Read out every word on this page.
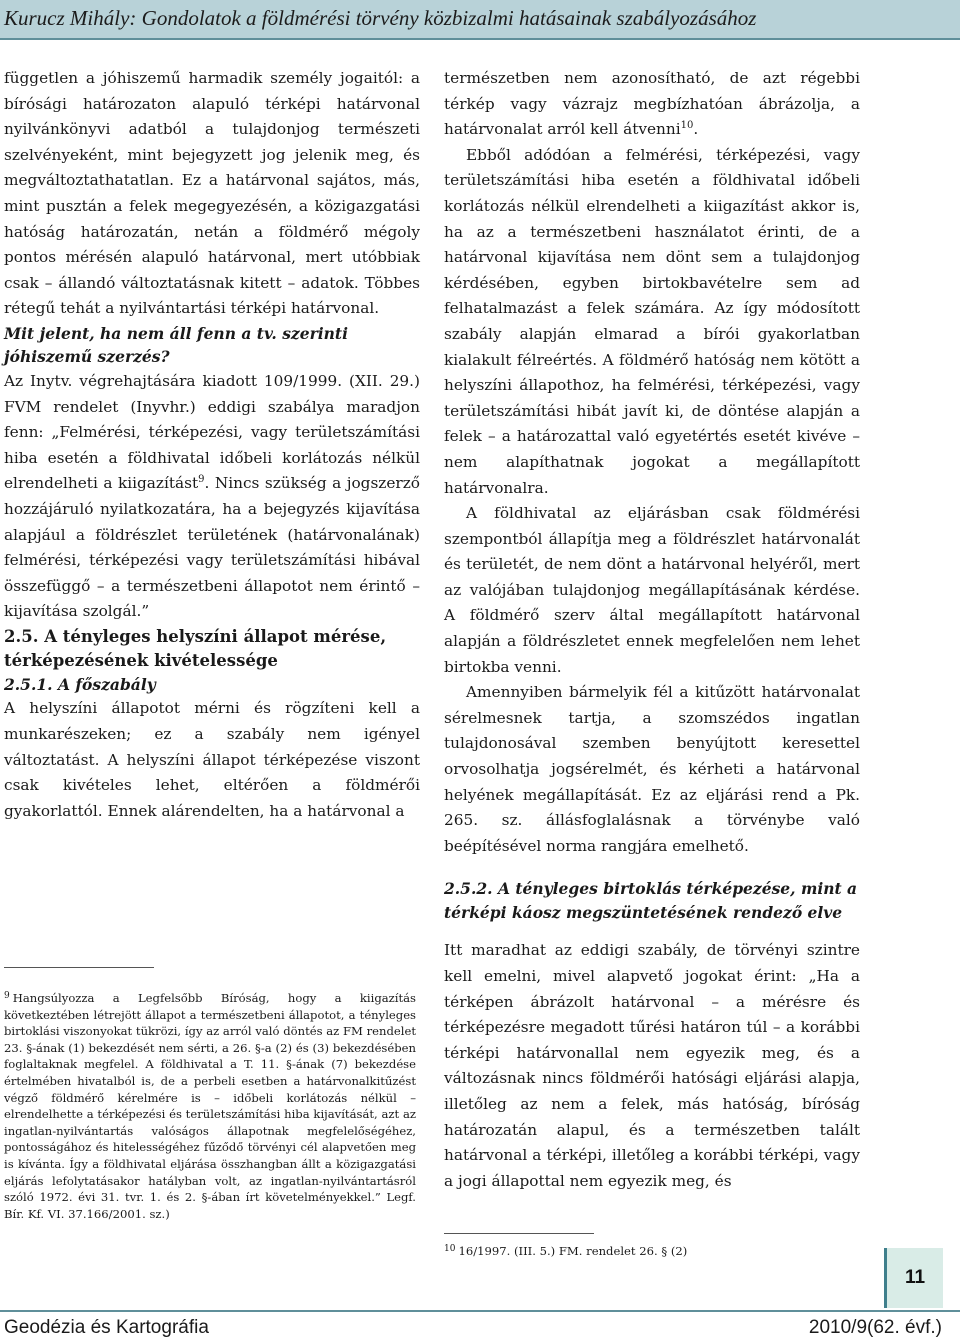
Kurucz Mihály: Gondolatok a földmérési törvény közbizalmi hatásainak szabályozásához

független a jóhiszemű harmadik személy jogaitól: a bírósági határozaton alapuló térképi határvonal nyilvánkönyvi adatból a tulajdonjog természeti szelvényeként, mint bejegyzett jog jelenik meg, és megváltoztathatatlan. Ez a határvonal sajátos, más, mint pusztán a felek megegyezésén, a közigazgatási hatóság határozatán, netán a földmérő mégoly pontos mérésén alapuló határvonal, mert utóbbiak csak – állandó változtatásnak kitett – adatok. Többes rétegű tehát a nyilvántartási térképi határvonal.

Mit jelent, ha nem áll fenn a tv. szerinti jóhiszemű szerzés?

Az Inytv. végrehajtására kiadott 109/1999. (XII. 29.) FVM rendelet (Inyvhr.) eddigi szabálya maradjon fenn: „Felmérési, térképezési, vagy területszámítási hiba esetén a földhivatal időbeli korlátozás nélkül elrendelheti a kiigazítást$^9$. Nincs szükség a jogszerző hozzájáruló nyilatkozatára, ha a bejegyzés kijavítása alapjául a földrészlet területének (határvonalának) felmérési, térképezési vagy területszámítási hibával összefüggő – a természetbeni állapotot nem érintő – kijavítása szolgál.”

2.5. A tényleges helyszíni állapot mérése, térképezésének kivételessége

2.5.1. A főszabály

A helyszíni állapotot mérni és rögzíteni kell a munkarészeken; ez a szabály nem igényel változtatást. A helyszíni állapot térképezése viszont csak kivételes lehet, eltérően a földmérői gyakorlattól. Ennek alárendelten, ha a határvonal a

$^9$ Hangsúlyozza a Legfelsőbb Bíróság, hogy a kiigazítás következtében létrejött állapot a természetbeni állapotot, a tényleges birtoklási viszonyokat tükrözi, így az arról való döntés az FM rendelet 23. §-ának (1) bekezdését nem sérti, a 26. §-a (2) és (3) bekezdésében foglaltaknak megfelel. A földhivatal a T. 11. §-ának (7) bekezdése értelmében hivatalból is, de a perbeli esetben a határvonalkitűzést végző földmérő kérelmére is – időbeli korlátozás nélkül – elrendelhette a térképezési és területszámítási hiba kijavítását, azt az ingatlan-nyilvántartás valóságos állapotnak megfelelőségéhez, pontosságához és hitelességéhez fűződő törvényi cél alapvetően meg is kívánta. Így a földhivatal eljárása összhangban állt a közigazgatási eljárás lefolytatásakor hatályban volt, az ingatlan-nyilvántartásról szóló 1972. évi 31. tvr. 1. és 2. §-ában írt követelményekkel.” Legf. Bír. Kf. VI. 37.166/2001. sz.)

természetben nem azonosítható, de azt régebbi térkép vagy vázrajz megbízhatóan ábrázolja, a határvonalat arról kell átvenni$^{10}$.

Ebből adódóan a felmérési, térképezési, vagy területszámítási hiba esetén a földhivatal időbeli korlátozás nélkül elrendelheti a kiigazítást akkor is, ha az a természetbeni használatot érinti, de a határvonal kijavítása nem dönt sem a tulajdonjog kérdésében, egyben birtokbavételre sem ad felhatalmazást a felek számára. Az így módosított szabály alapján elmarad a bírói gyakorlatban kialakult félreértés. A földmérő hatóság nem kötött a helyszíni állapothoz, ha felmérési, térképezési, vagy területszámítási hibát javít ki, de döntése alapján a felek – a határozattal való egyetértés esetét kivéve – nem alapíthatnak jogokat a megállapított határvonalra.

A földhivatal az eljárásban csak földmérési szempontból állapítja meg a földrészlet határvonalát és területét, de nem dönt a határvonal helyéről, mert az valójában tulajdonjog megállapításának kérdése. A földmérő szerv által megállapított határvonal alapján a földrészletet ennek megfelelően nem lehet birtokba venni.

Amennyiben bármelyik fél a kitűzött határvonalat sérelmesnek tartja, a szomszédos ingatlan tulajdonosával szemben benyújtott keresettel orvosolhatja jogsérelmét, és kérheti a határvonal helyének megállapítását. Ez az eljárási rend a Pk. 265. sz. állásfoglalásnak a törvénybe való beépítésével norma rangjára emelhető.

2.5.2. A tényleges birtoklás térképezése, mint a térképi káosz megszüntetésének rendező elve

Itt maradhat az eddigi szabály, de törvényi szintre kell emelni, mivel alapvető jogokat érint: „Ha a térképen ábrázolt határvonal – a mérésre és térképezésre megadott tűrési határon túl – a korábbi térképi határvonallal nem egyezik meg, és a változásnak nincs földmérői hatósági eljárási alapja, illetőleg az nem a felek, más hatóság, bíróság határozatán alapul, és a természetben talált határvonal a térképi, illetőleg a korábbi térképi, vagy a jogi állapottal nem egyezik meg, és

$^{10}$ 16/1997. (III. 5.) FM. rendelet 26. § (2)
11
Geodézia és Kartográfia	2010/9(62. évf.)
